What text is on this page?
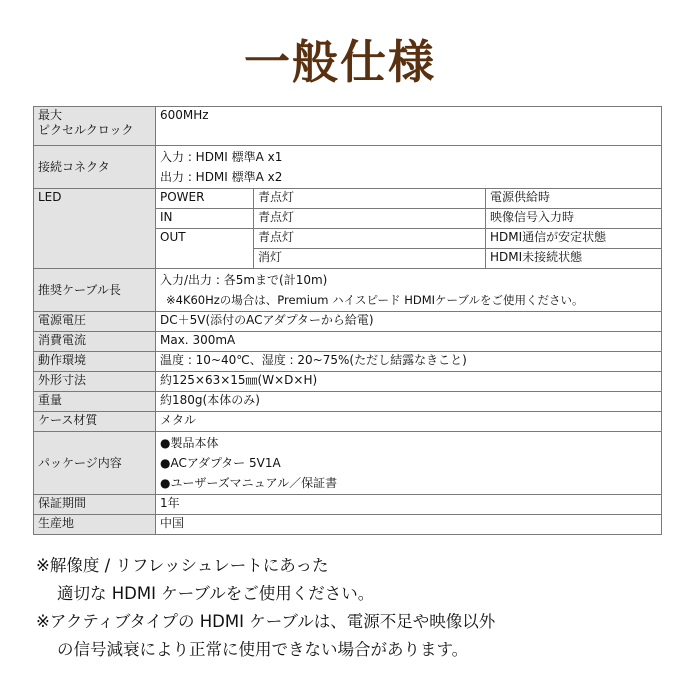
一般仕様
最大
ピクセルクロック	600MHz		
接続コネクタ	入力 : HDMI 標準A x1
出力 : HDMI 標準A x2		

LED	POWER	青点灯	電源供給時
	IN	青点灯	映像信号入力時
	OUT	青点灯	HDMI通信が安定状態
		消灯	HDMI未接続状態
推奨ケーブル長	入力/出力 : 各5mまで(計10m)
※4K60Hzの場合は、Premium ハイスピード HDMIケーブルをご使用ください。		

電源電圧	DC＋5V(添付のACアダプターから給電)		
消費電流	Max. 300mA		
動作環境	温度 : 10~40℃、湿度 : 20~75%(ただし結露なきこと)		
外形寸法	約125×63×15㎜(W×D×H)		
重量	約180g(本体のみ)		
ケース材質	メタル		
パッケージ内容	●製品本体
●ACアダプター 5V1A
●ユーザーズマニュアル／保証書		

保証期間	1年		
生産地	中国		
※解像度 / リフレッシュレートにあった
適切な HDMI ケーブルをご使用ください。
※アクティブタイプの HDMI ケーブルは、電源不足や映像以外
の信号減衰により正常に使用できない場合があります。
